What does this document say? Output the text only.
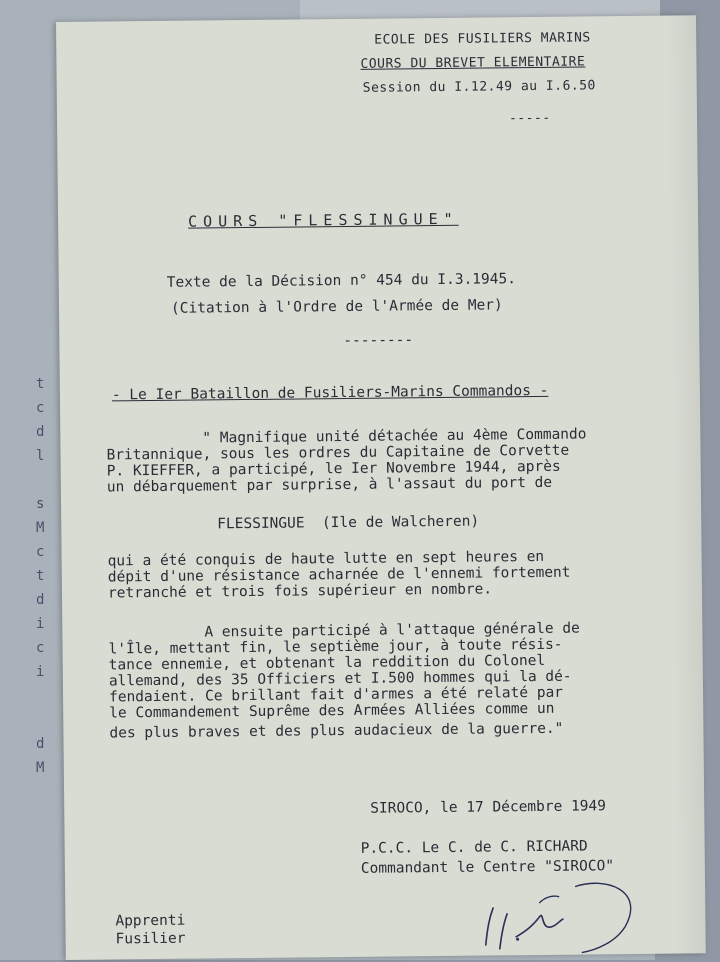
t
c
d
l
s
M
c
t
d
i
c
i
d
M
ECOLE DES FUSILIERS MARINS
COURS DU BREVET ELEMENTAIRE
Session du I.12.49 au I.6.50
-----
COURS "FLESSINGUE"
Texte de la Décision n° 454 du I.3.1945.
(Citation à l'Ordre de l'Armée de Mer)
--------
- Le Ier Bataillon de Fusiliers-Marins Commandos -
" Magnifique unité détachée au 4ème Commando
Britannique, sous les ordres du Capitaine de Corvette
P. KIEFFER, a participé, le Ier Novembre 1944, après
un débarquement par surprise, à l'assaut du port de
FLESSINGUE  (Ile de Walcheren)
qui a été conquis de haute lutte en sept heures en
dépit d'une résistance acharnée de l'ennemi fortement
retranché et trois fois supérieur en nombre.
A ensuite participé à l'attaque générale de
l'Île, mettant fin, le septième jour, à toute résis-
tance ennemie, et obtenant la reddition du Colonel
allemand, des 35 Officiers et I.500 hommes qui la dé-
fendaient. Ce brillant fait d'armes a été relaté par
le Commandement Suprême des Armées Alliées comme un
des plus braves et des plus audacieux de la guerre."
SIROCO, le 17 Décembre 1949
P.C.C. Le C. de C. RICHARD
Commandant le Centre "SIROCO"
Apprenti
Fusilier
